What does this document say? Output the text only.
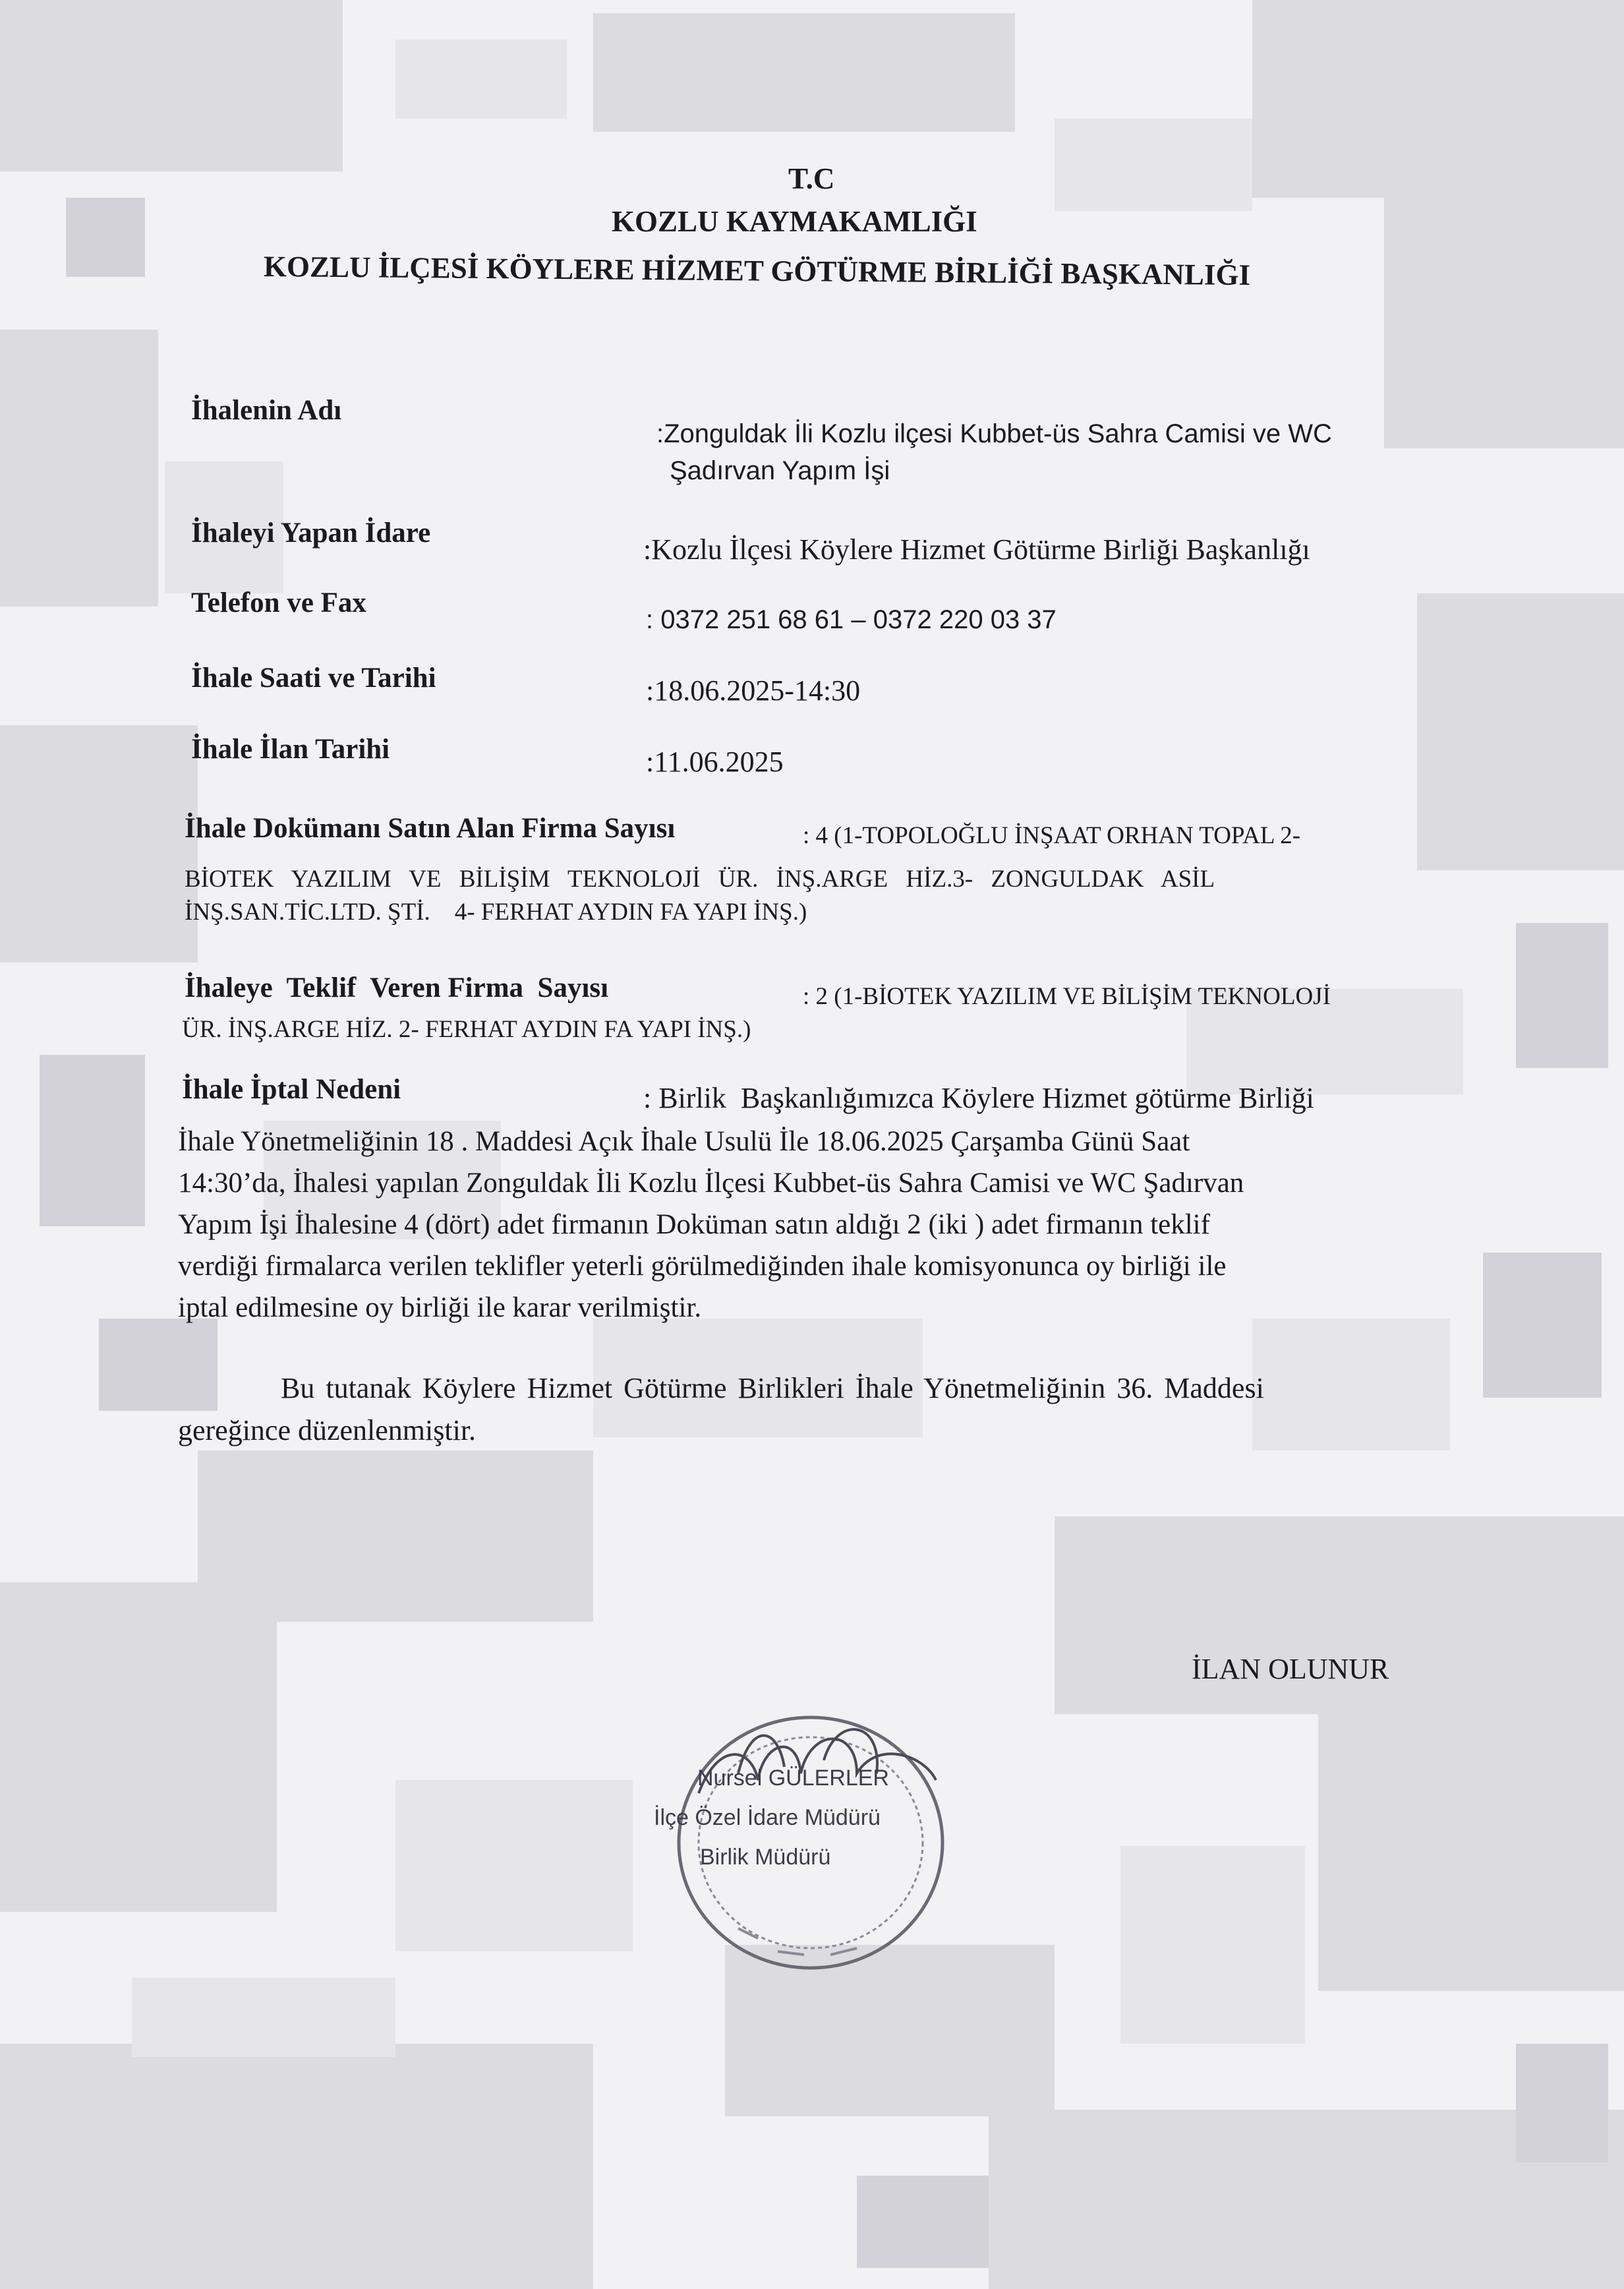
T.C
KOZLU KAYMAKAMLIĞI
KOZLU İLÇESİ KÖYLERE HİZMET GÖTÜRME BİRLİĞİ BAŞKANLIĞI
İhalenin Adı
:Zonguldak İli Kozlu ilçesi Kubbet-üs Sahra Camisi ve WC
Şadırvan Yapım İşi
İhaleyi Yapan İdare
:Kozlu İlçesi Köylere Hizmet Götürme Birliği Başkanlığı
Telefon ve Fax
: 0372 251 68 61 – 0372 220 03 37
İhale Saati ve Tarihi	:18.06.2025-14:30
İhale İlan Tarihi	:11.06.2025
İhale Dokümanı Satın Alan Firma Sayısı	: 4 (1-TOPOLOĞLU İNŞAAT ORHAN TOPAL 2-
BİOTEK YAZILIM VE BİLİŞİM TEKNOLOJİ ÜR. İNŞ.ARGE HİZ.3- ZONGULDAK ASİL
İNŞ.SAN.TİC.LTD. ŞTİ.    4- FERHAT AYDIN FA YAPI İNŞ.)
İhaleye  Teklif  Veren Firma  Sayısı	: 2 (1-BİOTEK YAZILIM VE BİLİŞİM TEKNOLOJİ
ÜR. İNŞ.ARGE HİZ. 2- FERHAT AYDIN FA YAPI İNŞ.)
İhale İptal Nedeni	: Birlik  Başkanlığımızca Köylere Hizmet götürme Birliği
İhale Yönetmeliğinin 18 . Maddesi Açık İhale Usulü İle 18.06.2025 Çarşamba Günü Saat
14:30’da, İhalesi yapılan Zonguldak İli Kozlu İlçesi Kubbet-üs Sahra Camisi ve WC Şadırvan
Yapım İşi İhalesine 4 (dört) adet firmanın Doküman satın aldığı 2 (iki ) adet firmanın teklif
verdiği firmalarca verilen teklifler yeterli görülmediğinden ihale komisyonunca oy birliği ile
iptal edilmesine oy birliği ile karar verilmiştir.
Bu tutanak Köylere Hizmet Götürme Birlikleri İhale Yönetmeliğinin 36. Maddesi
gereğince düzenlenmiştir.
İLAN OLUNUR
Nursel GÜLERLER
İlçe Özel İdare Müdürü
Birlik Müdürü
